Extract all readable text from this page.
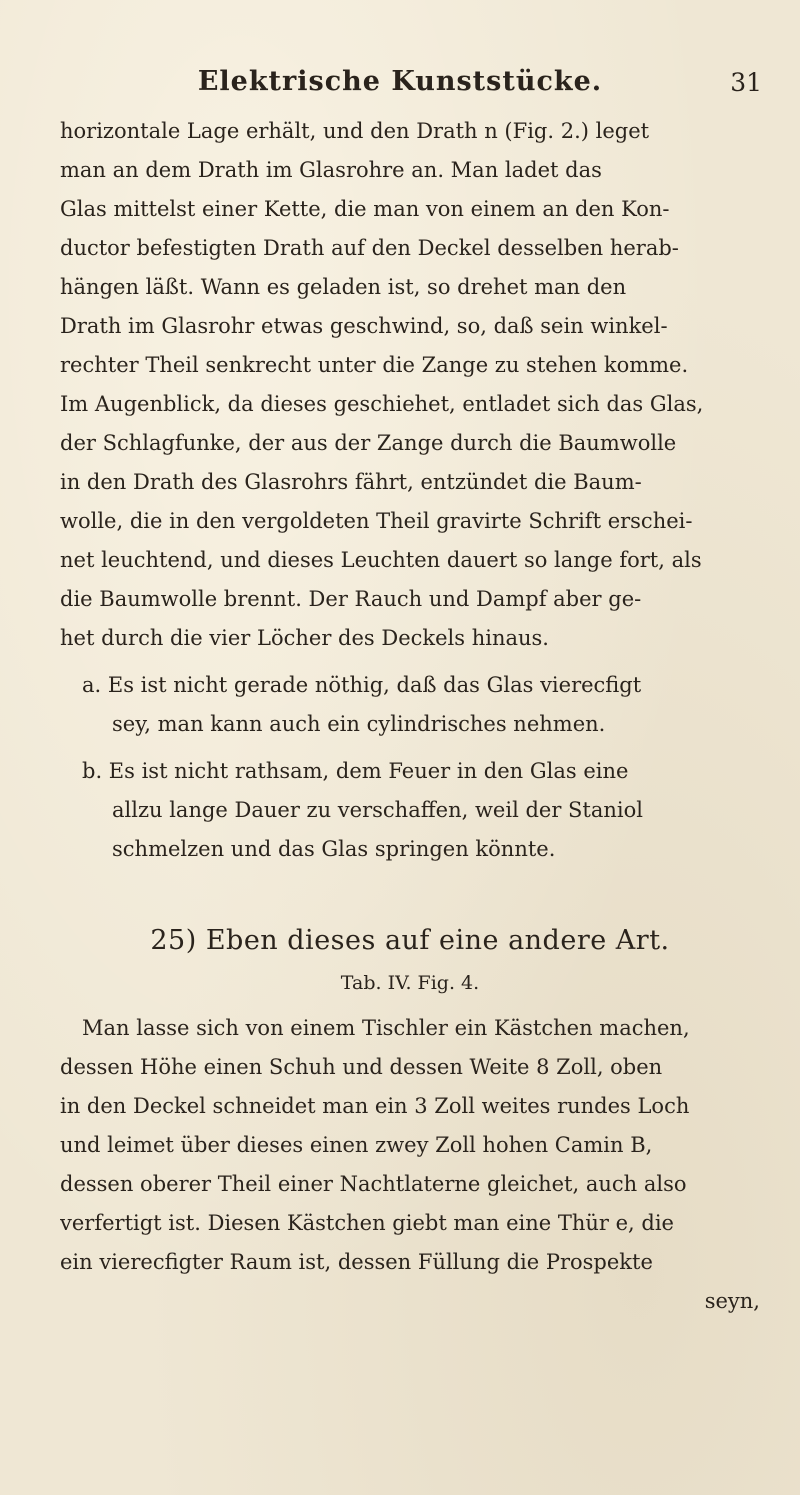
Elektrische Kunststücke.	31
horizontale Lage erhält, und den Drath n (Fig. 2.) leget
man an dem Drath im Glasrohre an. Man ladet das
Glas mittelst einer Kette, die man von einem an den Kon-
ductor befestigten Drath auf den Deckel desselben herab-
hängen läßt. Wann es geladen ist, so drehet man den
Drath im Glasrohr etwas geschwind, so, daß sein winkel-
rechter Theil senkrecht unter die Zange zu stehen komme.
Im Augenblick, da dieses geschiehet, entladet sich das Glas,
der Schlagfunke, der aus der Zange durch die Baumwolle
in den Drath des Glasrohrs fährt, entzündet die Baum-
wolle, die in den vergoldeten Theil gravirte Schrift erschei-
net leuchtend, und dieses Leuchten dauert so lange fort, als
die Baumwolle brennt. Der Rauch und Dampf aber ge-
het durch die vier Löcher des Deckels hinaus.
a. Es ist nicht gerade nöthig, daß das Glas vierecfigt
sey, man kann auch ein cylindrisches nehmen.
b. Es ist nicht rathsam, dem Feuer in den Glas eine
allzu lange Dauer zu verschaffen, weil der Staniol
schmelzen und das Glas springen könnte.
25) Eben dieses auf eine andere Art.
Tab. IV. Fig. 4.
Man lasse sich von einem Tischler ein Kästchen machen,
dessen Höhe einen Schuh und dessen Weite 8 Zoll, oben
in den Deckel schneidet man ein 3 Zoll weites rundes Loch
und leimet über dieses einen zwey Zoll hohen Camin B,
dessen oberer Theil einer Nachtlaterne gleichet, auch also
verfertigt ist. Diesen Kästchen giebt man eine Thür e, die
ein vierecfigter Raum ist, dessen Füllung die Prospekte
seyn,
